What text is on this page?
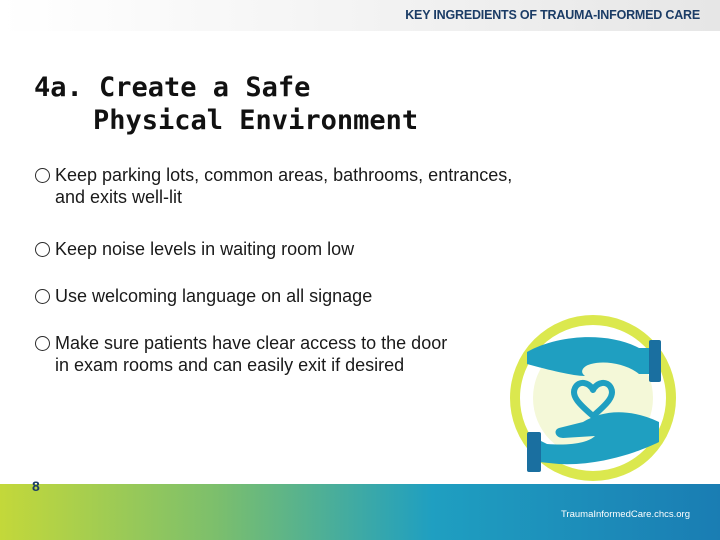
KEY INGREDIENTS OF TRAUMA-INFORMED CARE
4a. Create a Safe
Physical Environment
Keep parking lots, common areas, bathrooms, entrances,
and exits well-lit
Keep noise levels in waiting room low
Use welcoming language on all signage
Make sure patients have clear access to the door
in exam rooms and can easily exit if desired
8
TraumaInformedCare.chcs.org
